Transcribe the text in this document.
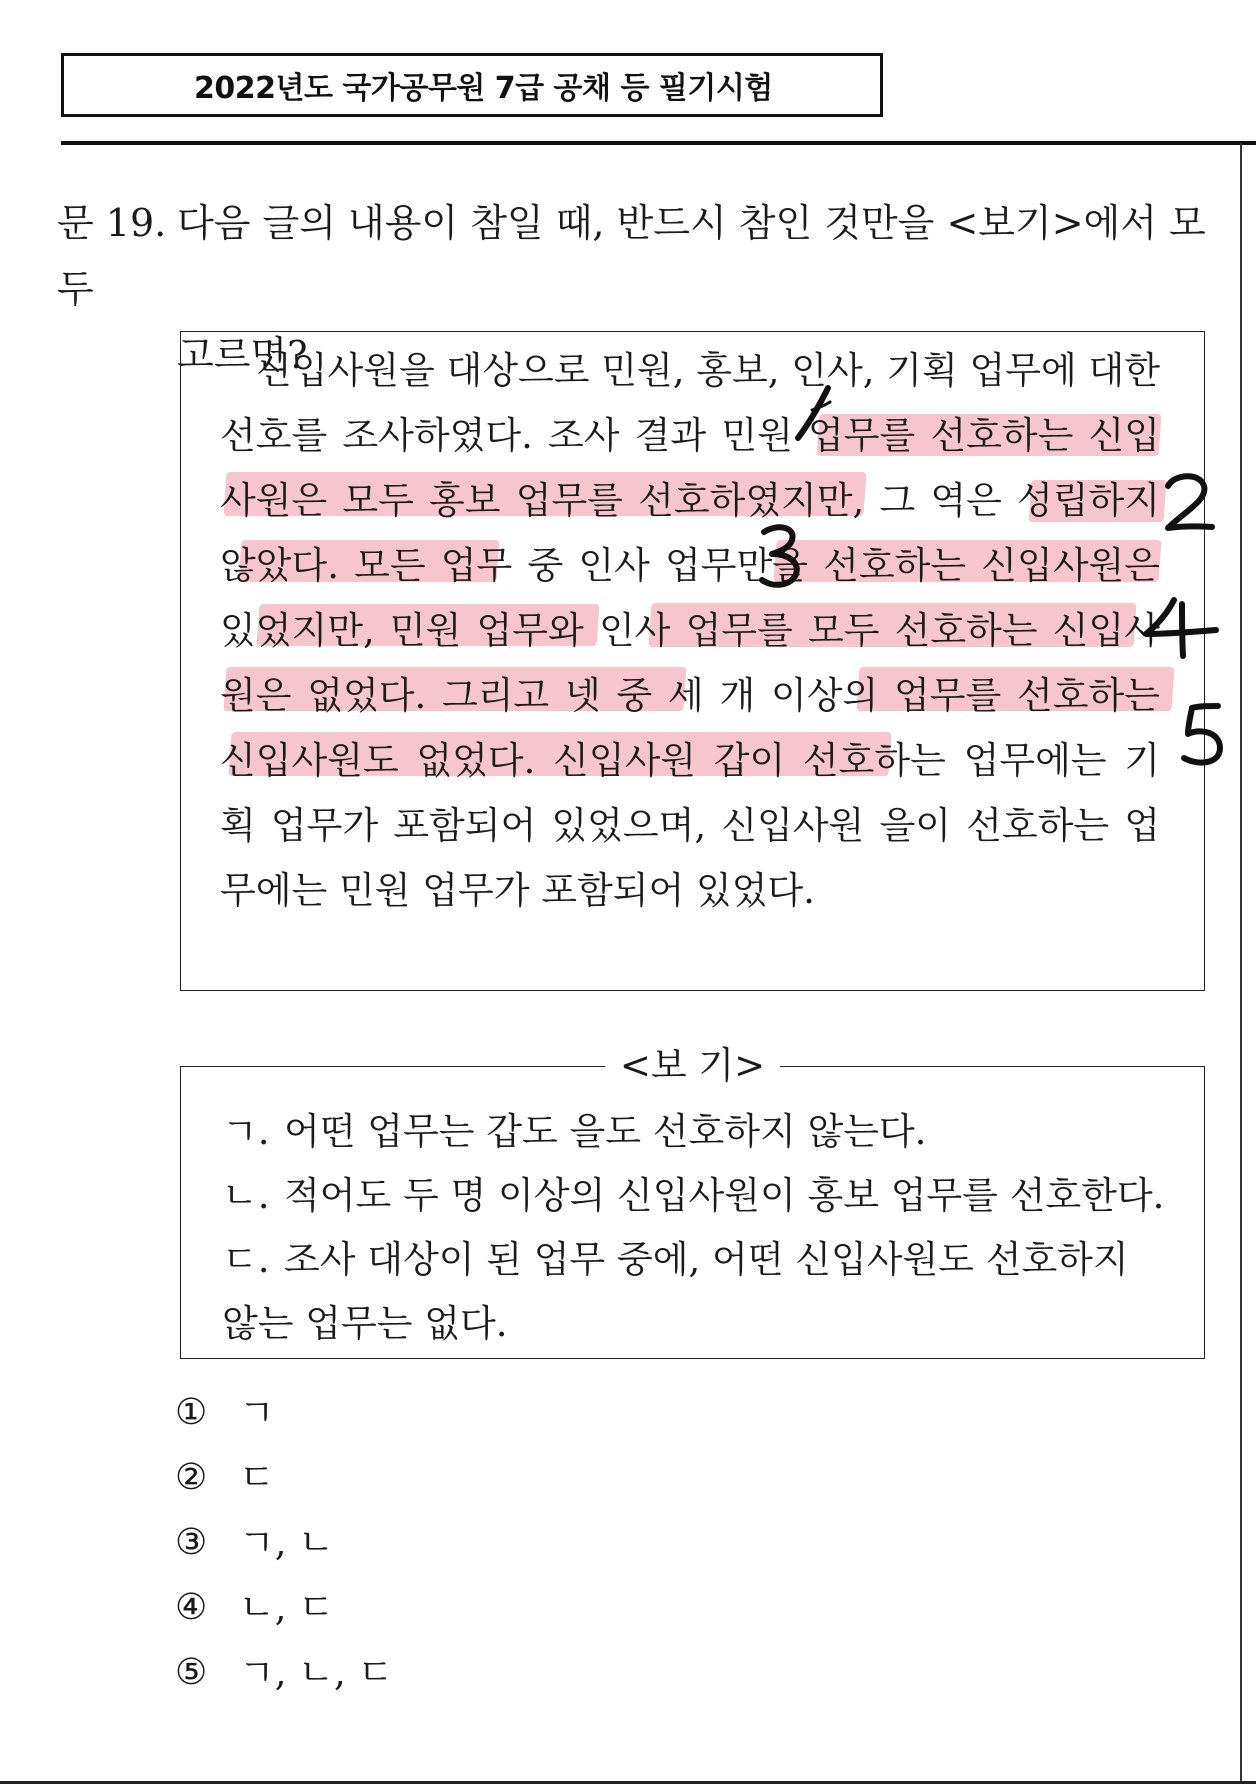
2022년도 국가공무원 7급 공채 등 필기시험
문 19. 다음 글의 내용이 참일 때, 반드시 참인 것만을 <보기>에서 모두
고르면?
신입사원을 대상으로 민원, 홍보, 인사, 기획 업무에 대한 선호를 조사하였다. 조사 결과 민원 업무를 선호하는 신입사원은 모두 홍보 업무를 선호하였지만, 그 역은 성립하지 않았다. 모든 업무 중 인사 업무만을 선호하는 신입사원은 있었지만, 민원 업무와 인사 업무를 모두 선호하는 신입사원은 없었다. 그리고 넷 중 세 개 이상의 업무를 선호하는 신입사원도 없었다. 신입사원 갑이 선호하는 업무에는 기획 업무가 포함되어 있었으며, 신입사원 을이 선호하는 업무에는 민원 업무가 포함되어 있었다.
<보 기>
ㄱ. 어떤 업무는 갑도 을도 선호하지 않는다.
ㄴ. 적어도 두 명 이상의 신입사원이 홍보 업무를 선호한다.
ㄷ. 조사 대상이 된 업무 중에, 어떤 신입사원도 선호하지
않는 업무는 없다.
① ㄱ
② ㄷ
③ ㄱ, ㄴ
④ ㄴ, ㄷ
⑤ ㄱ, ㄴ, ㄷ
